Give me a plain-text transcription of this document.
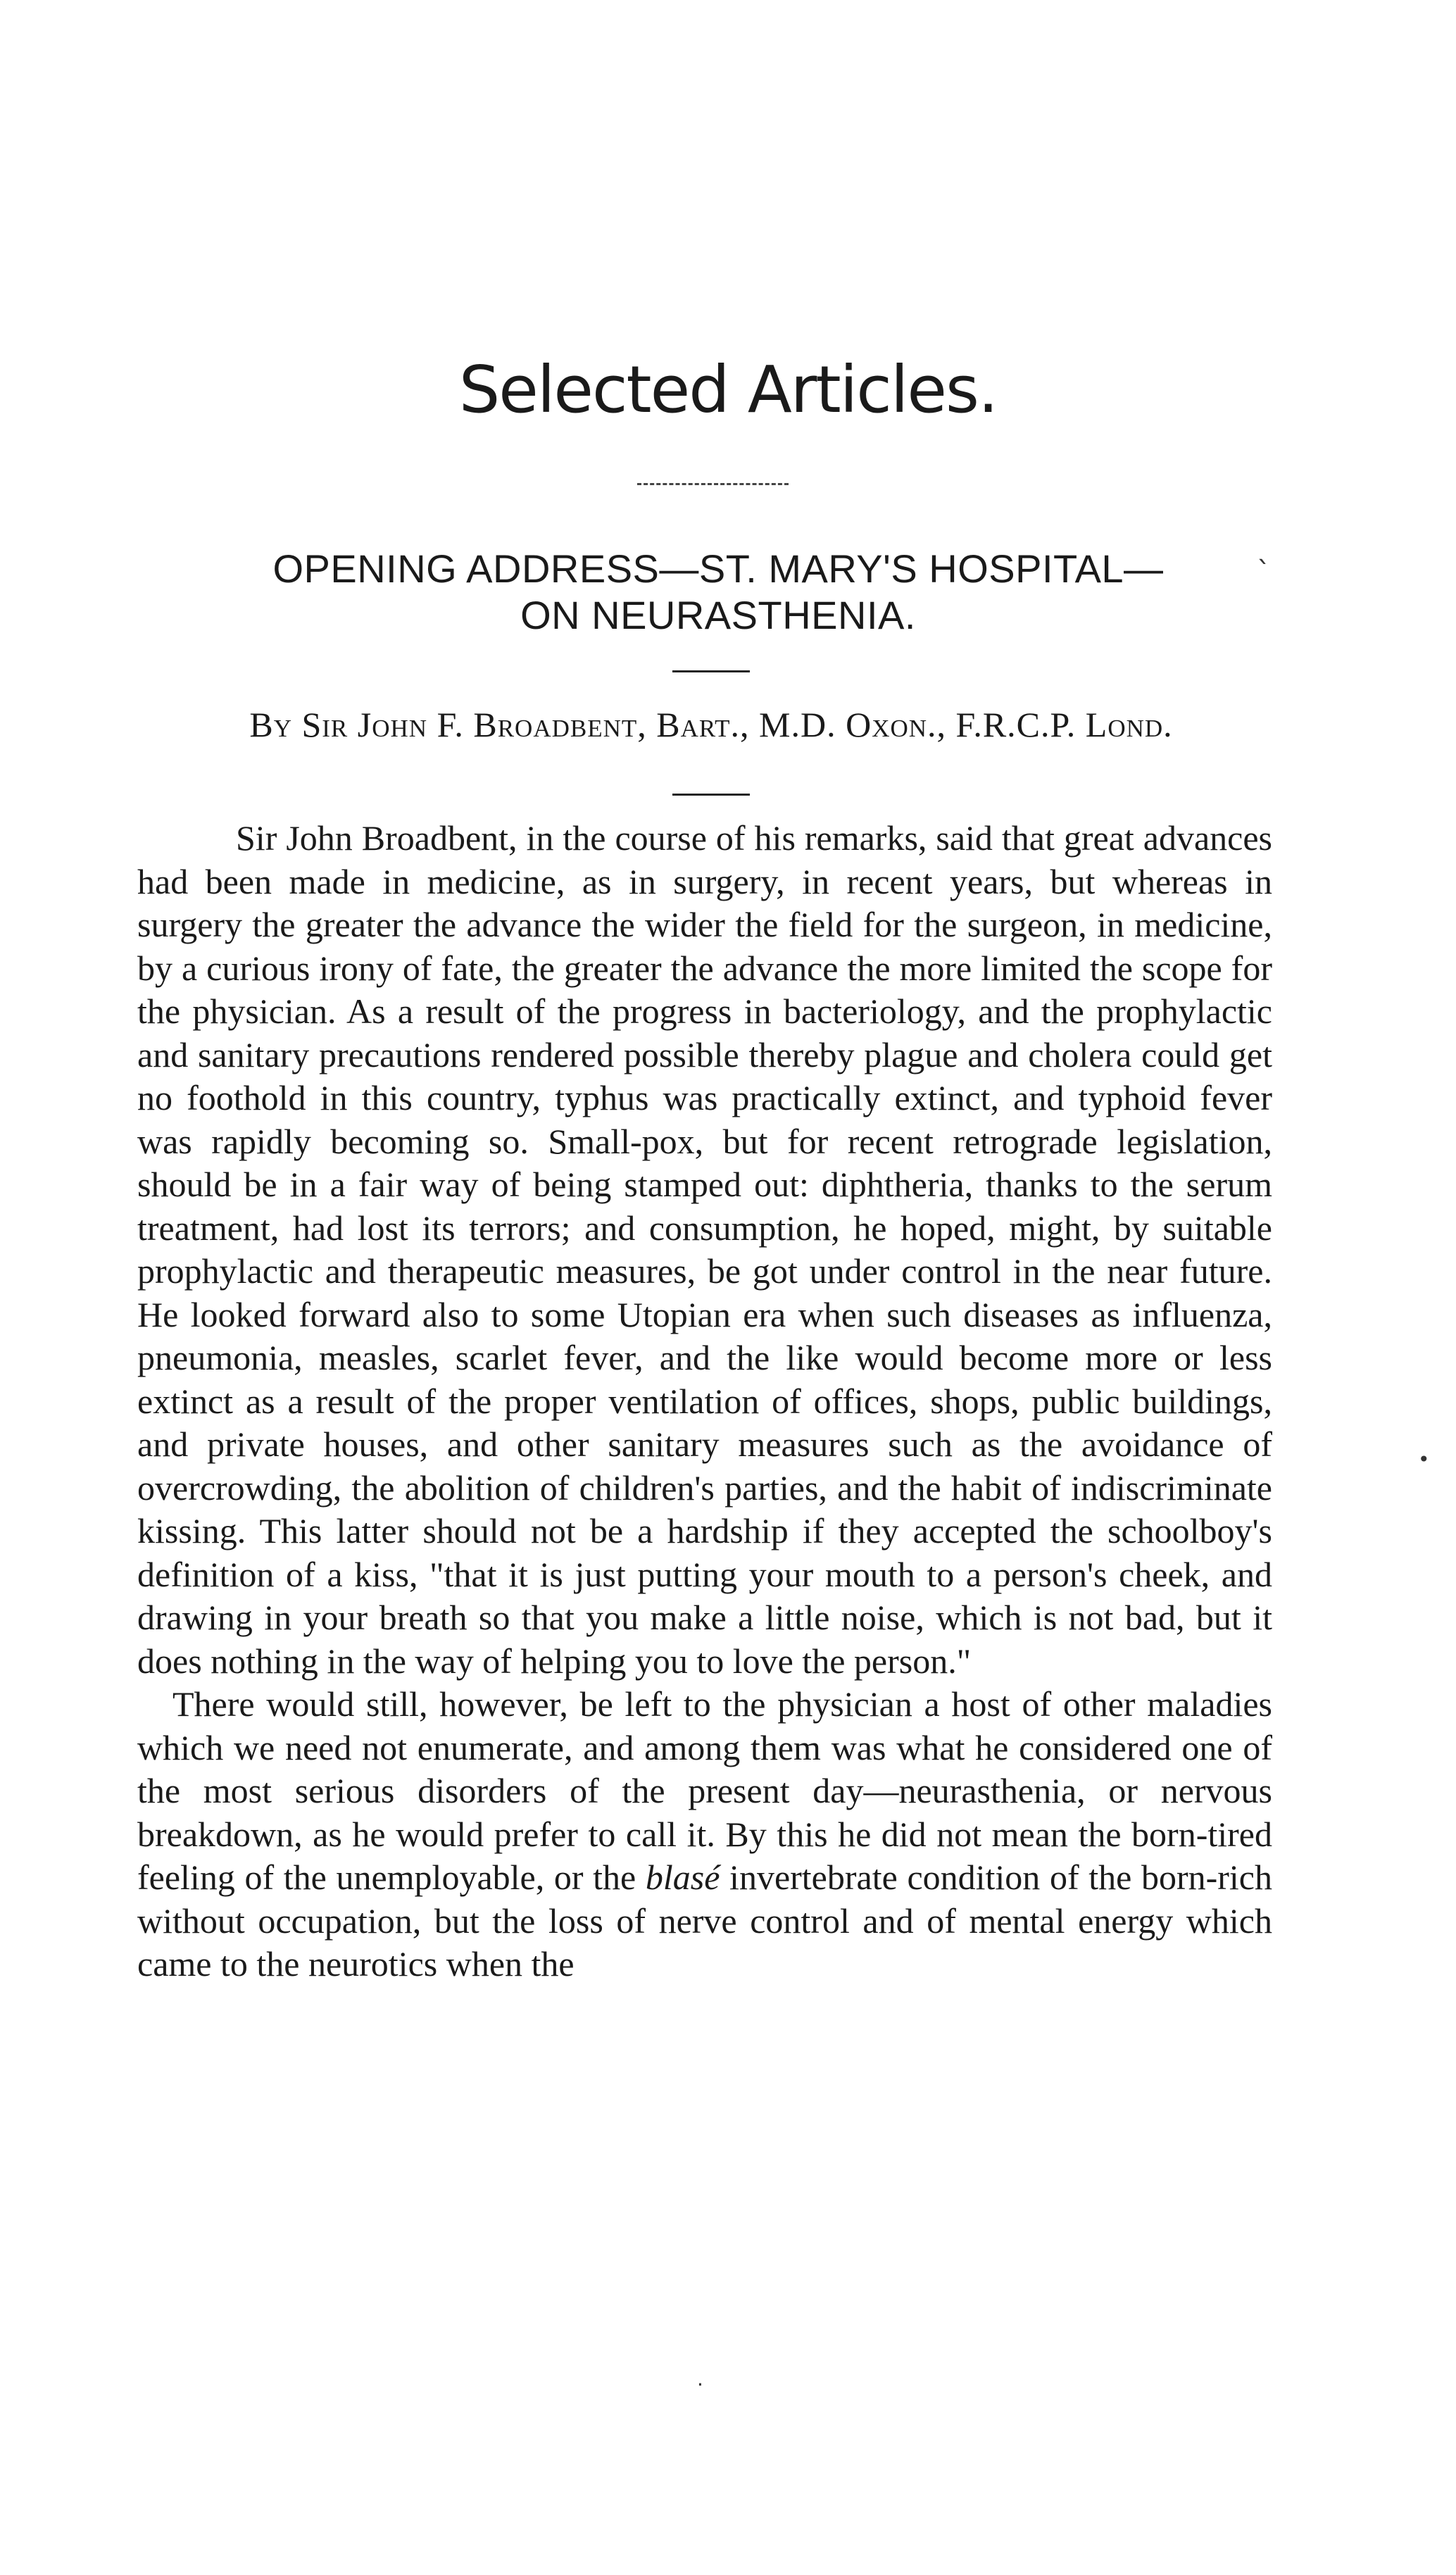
Selected Articles.
OPENING ADDRESS—ST. MARY'S HOSPITAL—
ON NEURASTHENIA.

By Sir John F. Broadbent, Bart., M.D. Oxon., F.R.C.P. Lond.

Sir John Broadbent, in the course of his remarks, said that great advances had been made in medicine, as in surgery, in recent years, but whereas in surgery the greater the advance the wider the field for the surgeon, in medicine, by a curious irony of fate, the greater the advance the more limited the scope for the physician. As a result of the progress in bacteriology, and the prophylactic and sanitary precautions rendered possible thereby plague and cholera could get no foothold in this country, typhus was practically extinct, and typhoid fever was rapidly becoming so. Small-pox, but for recent retrograde legislation, should be in a fair way of being stamped out: diphtheria, thanks to the serum treatment, had lost its terrors; and consumption, he hoped, might, by suitable prophylactic and therapeutic measures, be got under control in the near future. He looked forward also to some Utopian era when such diseases as influenza, pneumonia, measles, scarlet fever, and the like would become more or less extinct as a result of the proper ventilation of offices, shops, public buildings, and private houses, and other sanitary measures such as the avoidance of overcrowding, the abolition of children's parties, and the habit of indiscriminate kissing. This latter should not be a hardship if they accepted the schoolboy's definition of a kiss, "that it is just putting your mouth to a person's cheek, and drawing in your breath so that you make a little noise, which is not bad, but it does nothing in the way of helping you to love the person."

There would still, however, be left to the physician a host of other maladies which we need not enumerate, and among them was what he considered one of the most serious disorders of the present day—neurasthenia, or nervous breakdown, as he would prefer to call it. By this he did not mean the born-tired feeling of the unemployable, or the blasé invertebrate condition of the born-rich without occupation, but the loss of nerve control and of mental energy which came to the neurotics when the

•
·
ˋ
